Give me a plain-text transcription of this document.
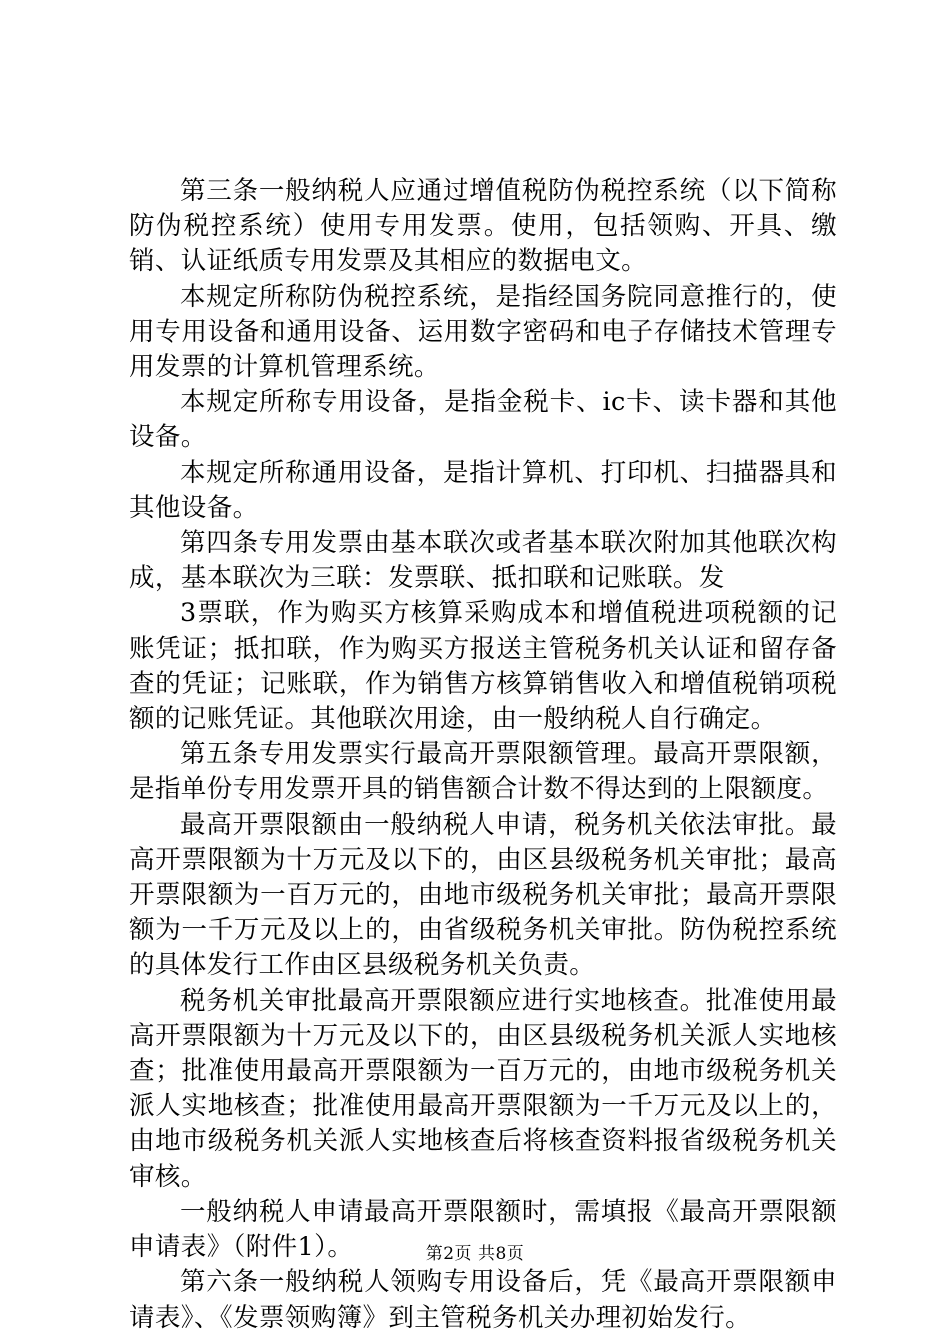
第三条一般纳税人应通过增值税防伪税控系统（以下简称防伪税控系统）使用专用发票。使用，包括领购、开具、缴销、认证纸质专用发票及其相应的数据电文。

本规定所称防伪税控系统，是指经国务院同意推行的，使用专用设备和通用设备、运用数字密码和电子存储技术管理专用发票的计算机管理系统。

本规定所称专用设备，是指金税卡、ic卡、读卡器和其他设备。

本规定所称通用设备，是指计算机、打印机、扫描器具和其他设备。

第四条专用发票由基本联次或者基本联次附加其他联次构成，基本联次为三联：发票联、抵扣联和记账联。发

3票联，作为购买方核算采购成本和增值税进项税额的记账凭证；抵扣联，作为购买方报送主管税务机关认证和留存备查的凭证；记账联，作为销售方核算销售收入和增值税销项税额的记账凭证。其他联次用途，由一般纳税人自行确定。

第五条专用发票实行最高开票限额管理。最高开票限额，是指单份专用发票开具的销售额合计数不得达到的上限额度。

最高开票限额由一般纳税人申请，税务机关依法审批。最高开票限额为十万元及以下的，由区县级税务机关审批；最高开票限额为一百万元的，由地市级税务机关审批；最高开票限额为一千万元及以上的，由省级税务机关审批。防伪税控系统的具体发行工作由区县级税务机关负责。

税务机关审批最高开票限额应进行实地核查。批准使用最高开票限额为十万元及以下的，由区县级税务机关派人实地核查；批准使用最高开票限额为一百万元的，由地市级税务机关派人实地核查；批准使用最高开票限额为一千万元及以上的，由地市级税务机关派人实地核查后将核查资料报省级税务机关审核。

一般纳税人申请最高开票限额时，需填报《最高开票限额申请表》（附件1）。

第六条一般纳税人领购专用设备后，凭《最高开票限额申请表》、《发票领购簿》到主管税务机关办理初始发行。

第2页 共8页
